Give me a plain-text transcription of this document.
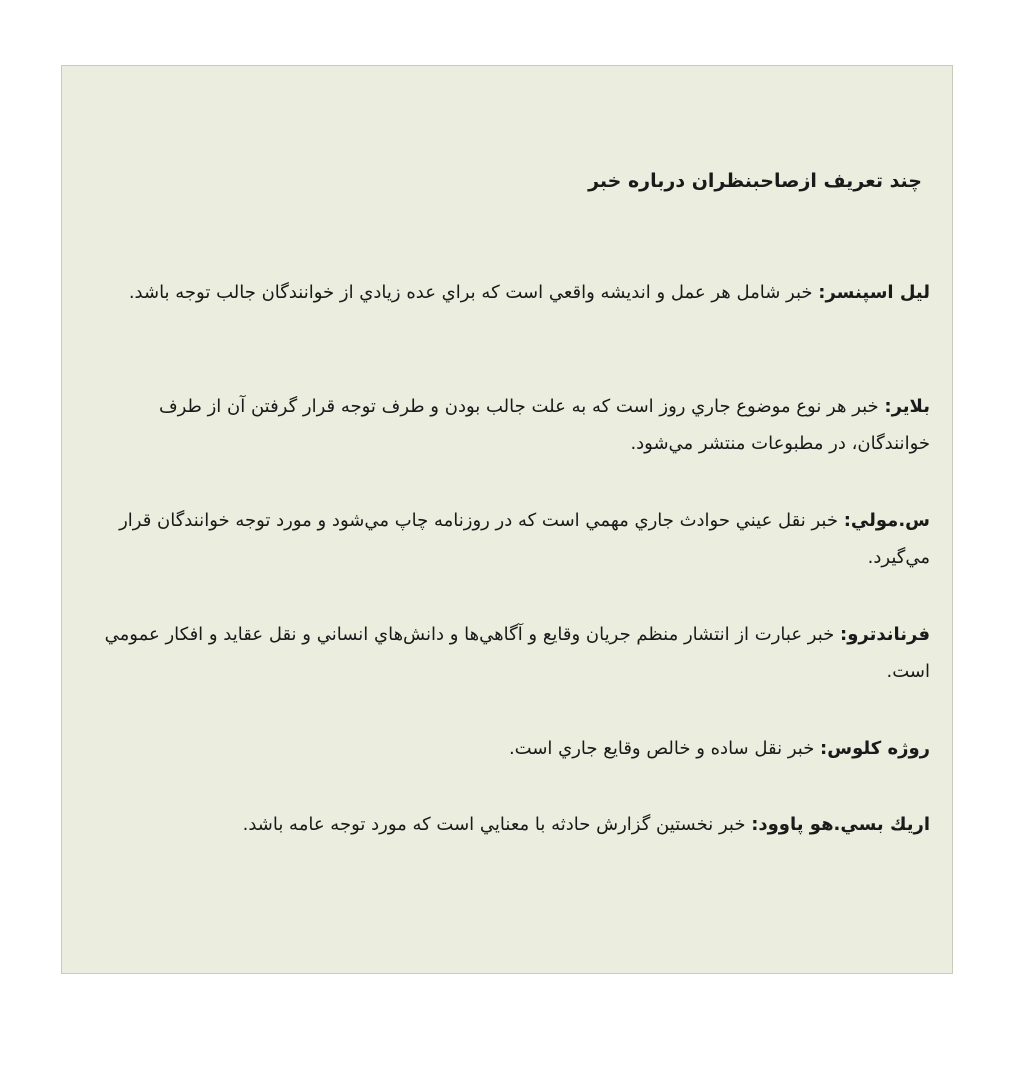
چند تعريف ازصاحبنظران درباره خبر

ليل اسپنسر: خبر شامل هر عمل و انديشه واقعي است كه براي عده زيادي از خوانندگان جالب توجه باشد.

بلاير: خبر هر نوع موضوع جاري روز است كه به علت جالب بودن و طرف توجه قرار گرفتن آن از طرف خوانندگان، در مطبوعات منتشر مي‌شود.

س.مولي: خبر نقل عيني حوادث جاري مهمي است كه در روزنامه چاپ مي‌شود و مورد توجه خوانندگان قرار مي‌گيرد.

فرناندترو: خبر عبارت از انتشار منظم جريان وقايع و آگاهي‌ها و دانش‌هاي انساني و نقل عقايد و افكار عمومي است.

روژه كلوس: خبر نقل ساده و خالص وقايع جاري است.

اريك بسي.هو پاوود: خبر نخستين گزارش حادثه با معنايي است كه مورد توجه عامه باشد.
